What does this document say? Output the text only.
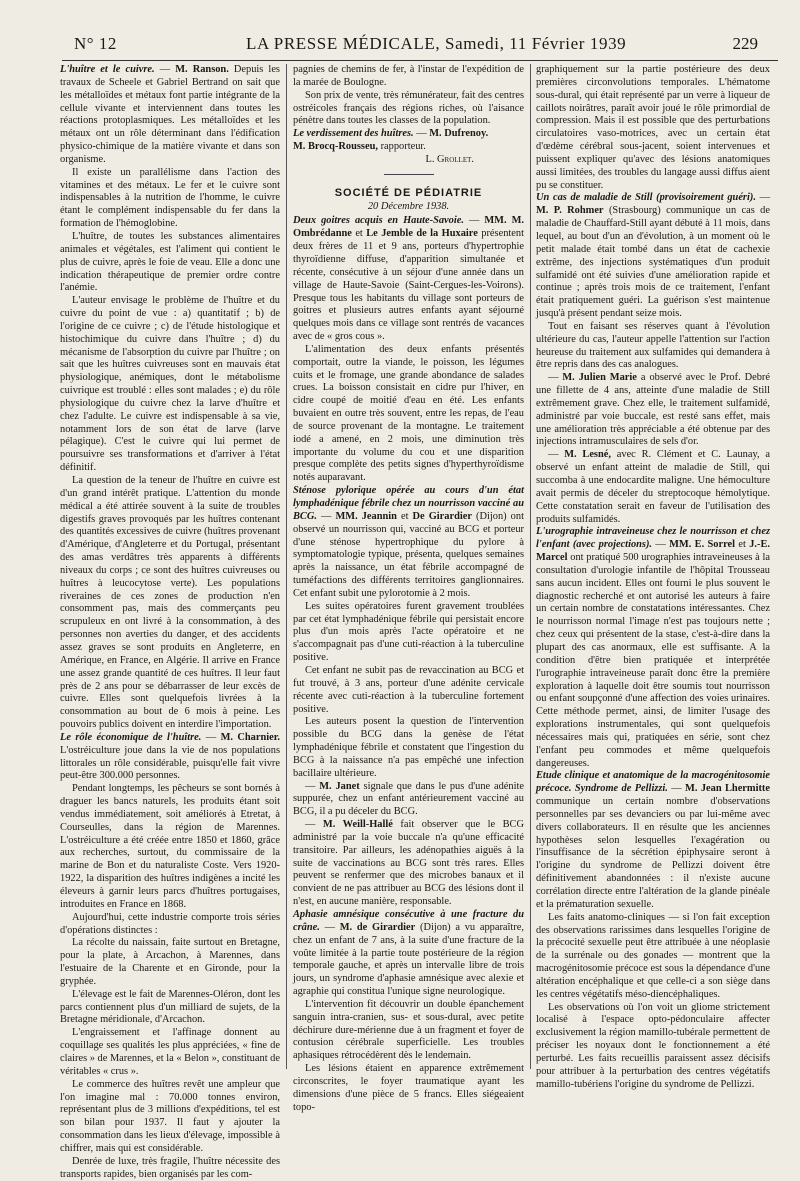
N° 12	LA PRESSE MÉDICALE, Samedi, 11 Février 1939	229

L'huître et le cuivre. — M. Ranson. Depuis les travaux de Scheele et Gabriel Bertrand on sait que les métalloïdes et métaux font partie intégrante de la cellule vivante et interviennent dans toutes les réactions protoplasmiques. Les métalloïdes et les métaux ont un rôle déterminant dans l'édification physico-chimique de la matière vivante et dans son organisme.

Il existe un parallélisme dans l'action des vitamines et des métaux. Le fer et le cuivre sont indispensables à la nutrition de l'homme, le cuivre étant le complément indispensable du fer dans la formation de l'hémoglobine.

L'huître, de toutes les substances alimentaires animales et végétales, est l'aliment qui contient le plus de cuivre, après le foie de veau. Elle a donc une indication thérapeutique de premier ordre contre l'anémie.

L'auteur envisage le problème de l'huître et du cuivre du point de vue : a) quantitatif ; b) de l'origine de ce cuivre ; c) de l'étude histologique et histochimique du cuivre dans l'huître ; d) du mécanisme de l'absorption du cuivre par l'huître ; on sait que les huîtres cuivreuses sont en mauvais état physiologique, anémiques, dont le métabolisme cuivrique est troublé : elles sont malades ; e) du rôle physiologique du cuivre chez la larve d'huître et chez l'adulte. Le cuivre est indispensable à sa vie, notamment lors de son état de larve (larve pélagique). C'est le cuivre qui lui permet de poursuivre ses transformations et d'arriver à l'état définitif.

La question de la teneur de l'huître en cuivre est d'un grand intérêt pratique. L'attention du monde médical a été attirée souvent à la suite de troubles digestifs graves provoqués par les huîtres contenant des quantités excessives de cuivre (huîtres provenant d'Amérique, d'Angleterre et du Portugal, présentant des amas verdâtres très apparents à différents niveaux du corps ; ce sont des huîtres cuivreuses ou huîtres à leucocytose verte). Les populations riveraines de ces zones de production n'en consomment pas, mais des commerçants peu scrupuleux en ont livré à la consommation, à des personnes non averties du danger, et des accidents assez graves se sont produits en Angleterre, en Amérique, en France, en Algérie. Il arrive en France une assez grande quantité de ces huîtres. Il leur faut près de 2 ans pour se débarrasser de leur excès de cuivre. Elles sont quelquefois livrées à la consommation au bout de 6 mois à peine. Les pouvoirs publics doivent en interdire l'importation.

Le rôle économique de l'huître. — M. Charnier. L'ostréiculture joue dans la vie de nos populations littorales un rôle considérable, puisqu'elle fait vivre peut-être 300.000 personnes.

Pendant longtemps, les pêcheurs se sont bornés à draguer les bancs naturels, les produits étant soit vendus immédiatement, soit améliorés à Etretat, à Courseulles, dans la région de Marennes. L'ostréiculture a été créée entre 1850 et 1860, grâce aux recherches, surtout, du commissaire de la marine de Bon et du naturaliste Coste. Vers 1920-1922, la disparition des huîtres indigènes a incité les éleveurs à garnir leurs parcs d'huîtres portugaises, introduites en France en 1868.

Aujourd'hui, cette industrie comporte trois séries d'opérations distinctes :

La récolte du naissain, faite surtout en Bretagne, pour la plate, à Arcachon, à Marennes, dans l'estuaire de la Charente et en Gironde, pour la gryphée.

L'élevage est le fait de Marennes-Oléron, dont les parcs contiennent plus d'un milliard de sujets, de la Bretagne méridionale, d'Arcachon.

L'engraissement et l'affinage donnent au coquillage ses qualités les plus appréciées, « fine de claires » de Marennes, et la « Belon », constituant de véritables « crus ».

Le commerce des huîtres revêt une ampleur que l'on imagine mal : 70.000 tonnes environ, représentant plus de 3 millions d'expéditions, tel est son bilan pour 1937. Il faut y ajouter la consommation dans les lieux d'élevage, impossible à chiffrer, mais qui est considérable.

Denrée de luxe, très fragile, l'huître nécessite des transports rapides, bien organisés par les com-

pagnies de chemins de fer, à l'instar de l'expédition de la marée de Boulogne.

Son prix de vente, très rémunérateur, fait des centres ostréicoles français des régions riches, où l'aisance pénètre dans toutes les classes de la population.

Le verdissement des huîtres. — M. Dufrenoy.

M. Brocq-Rousseu, rapporteur.

L. Grollet.

SOCIÉTÉ DE PÉDIATRIE
20 Décembre 1938.

Deux goitres acquis en Haute-Savoie. — MM. M. Ombrédanne et Le Jemble de la Huxaire présentent deux frères de 11 et 9 ans, porteurs d'hypertrophie thyroïdienne diffuse, d'apparition simultanée et récente, consécutive à un séjour d'une année dans un village de Haute-Savoie (Saint-Cergues-les-Voirons). Presque tous les habitants du village sont porteurs de goitres et plusieurs autres enfants ayant séjourné quelques mois dans ce village sont rentrés de vacances avec de « gros cous ».

L'alimentation des deux enfants présentés comportait, outre la viande, le poisson, les légumes cuits et le fromage, une grande abondance de salades crues. La boisson consistait en cidre pur l'hiver, en cidre coupé de moitié d'eau en été. Les enfants buvaient en outre très souvent, entre les repas, de l'eau de source provenant de la montagne. Le traitement iodé a amené, en 2 mois, une diminution très importante du volume du cou et une disparition presque complète des petits signes d'hyperthyroïdisme notés auparavant.

Sténose pylorique opérée au cours d'un état lymphadénique fébrile chez un nourrisson vacciné au BCG. — MM. Jeannin et De Girardier (Dijon) ont observé un nourrisson qui, vacciné au BCG et porteur d'une sténose hypertrophique du pylore à symptomatologie typique, présenta, quelques semaines après la naissance, un état fébrile accompagné de tuméfactions des différents territoires ganglionnaires. Cet enfant subit une pylorotomie à 2 mois.

Les suites opératoires furent gravement troublées par cet état lymphadénique fébrile qui persistait encore plus d'un mois après l'acte opératoire et ne s'accompagnait pas d'une cuti-réaction à la tuberculine positive.

Cet enfant ne subit pas de revaccination au BCG et fut trouvé, à 3 ans, porteur d'une adénite cervicale récente avec cuti-réaction à la tuberculine fortement positive.

Les auteurs posent la question de l'intervention possible du BCG dans la genèse de l'état lymphadénique fébrile et constatent que l'ingestion du BCG à la naissance n'a pas empêché une infection bacillaire ultérieure.

— M. Janet signale que dans le pus d'une adénite suppurée, chez un enfant antérieurement vacciné au BCG, il a pu déceler du BCG.

— M. Weill-Hallé fait observer que le BCG administré par la voie buccale n'a qu'une efficacité transitoire. Par ailleurs, les adénopathies aiguës à la suite de vaccinations au BCG sont très rares. Elles peuvent se renfermer que des microbes banaux et il convient de ne pas attribuer au BCG des lésions dont il n'est, en aucune manière, responsable.

Aphasie amnésique consécutive à une fracture du crâne. — M. de Girardier (Dijon) a vu apparaître, chez un enfant de 7 ans, à la suite d'une fracture de la voûte limitée à la partie toute postérieure de la région temporale gauche, et après un intervalle libre de trois jours, un syndrome d'aphasie amnésique avec alexie et agraphie qui constitua l'unique signe neurologique.

L'intervention fit découvrir un double épanchement sanguin intra-cranien, sus- et sous-dural, avec petite déchirure dure-mérienne due à un fragment et foyer de contusion cérébrale superficielle. Les troubles aphasiques rétrocédèrent dès le lendemain.

Les lésions étaient en apparence extrêmement circonscrites, le foyer traumatique ayant les dimensions d'une pièce de 5 francs. Elles siégeaient topo-

graphiquement sur la partie postérieure des deux premières circonvolutions temporales. L'hématome sous-dural, qui était représenté par un verre à liqueur de caillots noirâtres, paraît avoir joué le rôle primordial de compression. Mais il est possible que des perturbations circulatoires vaso-motrices, avec un certain état d'œdème cérébral sous-jacent, soient intervenues et puissent expliquer qu'avec des lésions anatomiques aussi limitées, des troubles du langage aussi diffus aient pu se constituer.

Un cas de maladie de Still (provisoirement guéri). — M. P. Rohmer (Strasbourg) communique un cas de maladie de Chauffard-Still ayant débuté à 11 mois, dans lequel, au bout d'un an d'évolution, à un moment où le petit malade était tombé dans un état de cachexie extrême, des injections systématiques d'un produit sulfamidé ont été suivies d'une amélioration rapide et continue ; après trois mois de ce traitement, l'enfant était pratiquement guéri. La guérison s'est maintenue jusqu'à présent pendant seize mois.

Tout en faisant ses réserves quant à l'évolution ultérieure du cas, l'auteur appelle l'attention sur l'action heureuse du traitement aux sulfamides qui demandera à être repris dans des cas analogues.

— M. Julien Marie a observé avec le Prof. Debré une fillette de 4 ans, atteinte d'une maladie de Still extrêmement grave. Chez elle, le traitement sulfamidé, administré par voie buccale, est resté sans effet, mais une amélioration très appréciable a été obtenue par des injections intramusculaires de sels d'or.

— M. Lesné, avec R. Clément et C. Launay, a observé un enfant atteint de maladie de Still, qui succomba à une endocardite maligne. Une hémoculture avait permis de déceler du streptocoque hémolytique. Cette constatation serait en faveur de l'utilisation des produits sulfamidés.

L'urographie intraveineuse chez le nourrisson et chez l'enfant (avec projections). — MM. E. Sorrel et J.-E. Marcel ont pratiqué 500 urographies intraveineuses à la consultation d'urologie infantile de l'hôpital Trousseau sans aucun incident. Elles ont fourni le plus souvent le diagnostic recherché et ont autorisé les auteurs à faire un certain nombre de constatations intéressantes. Chez le nourrisson normal l'image n'est pas toujours nette ; chez ceux qui présentent de la stase, c'est-à-dire dans la plupart des cas anormaux, elle est suffisante. A la condition d'être bien pratiquée et interprétée l'urographie intraveineuse paraît donc être la première exploration à laquelle doit être soumis tout nourrisson ou enfant soupçonné d'une affection des voies urinaires. Cette méthode permet, ainsi, de limiter l'usage des explorations instrumentales, qui sont quelquefois nécessaires mais qui, pratiquées en série, sont chez l'enfant peu commodes et même quelquefois dangereuses.

Etude clinique et anatomique de la macrogénitosomie précoce. Syndrome de Pellizzi. — M. Jean Lhermitte communique un certain nombre d'observations personnelles par ses devanciers ou par lui-même avec divers collaborateurs. Il en résulte que les anciennes hypothèses selon lesquelles l'exagération ou l'insuffisance de la sécrétion épiphysaire seront à l'origine du syndrome de Pellizzi doivent être définitivement abandonnées : il n'existe aucune corrélation directe entre l'altération de la glande pinéale et la prématuration sexuelle.

Les faits anatomo-cliniques — si l'on fait exception des observations rarissimes dans lesquelles l'origine de la précocité sexuelle peut être attribuée à une néoplasie de la surrénale ou des gonades — montrent que la macrogénitosomie précoce est sous la dépendance d'une altération encéphalique et que celle-ci a son siège dans les centres végétatifs méso-diencéphaliques.

Les observations où l'on voit un gliome strictement localisé à l'espace opto-pédonculaire affecter exclusivement la région mamillo-tubérale permettent de préciser les noyaux dont le fonctionnement a été perturbé. Les faits recueillis paraissent assez décisifs pour attribuer à la perturbation des centres végétatifs mamillo-tubériens l'origine du syndrome de Pellizzi.
